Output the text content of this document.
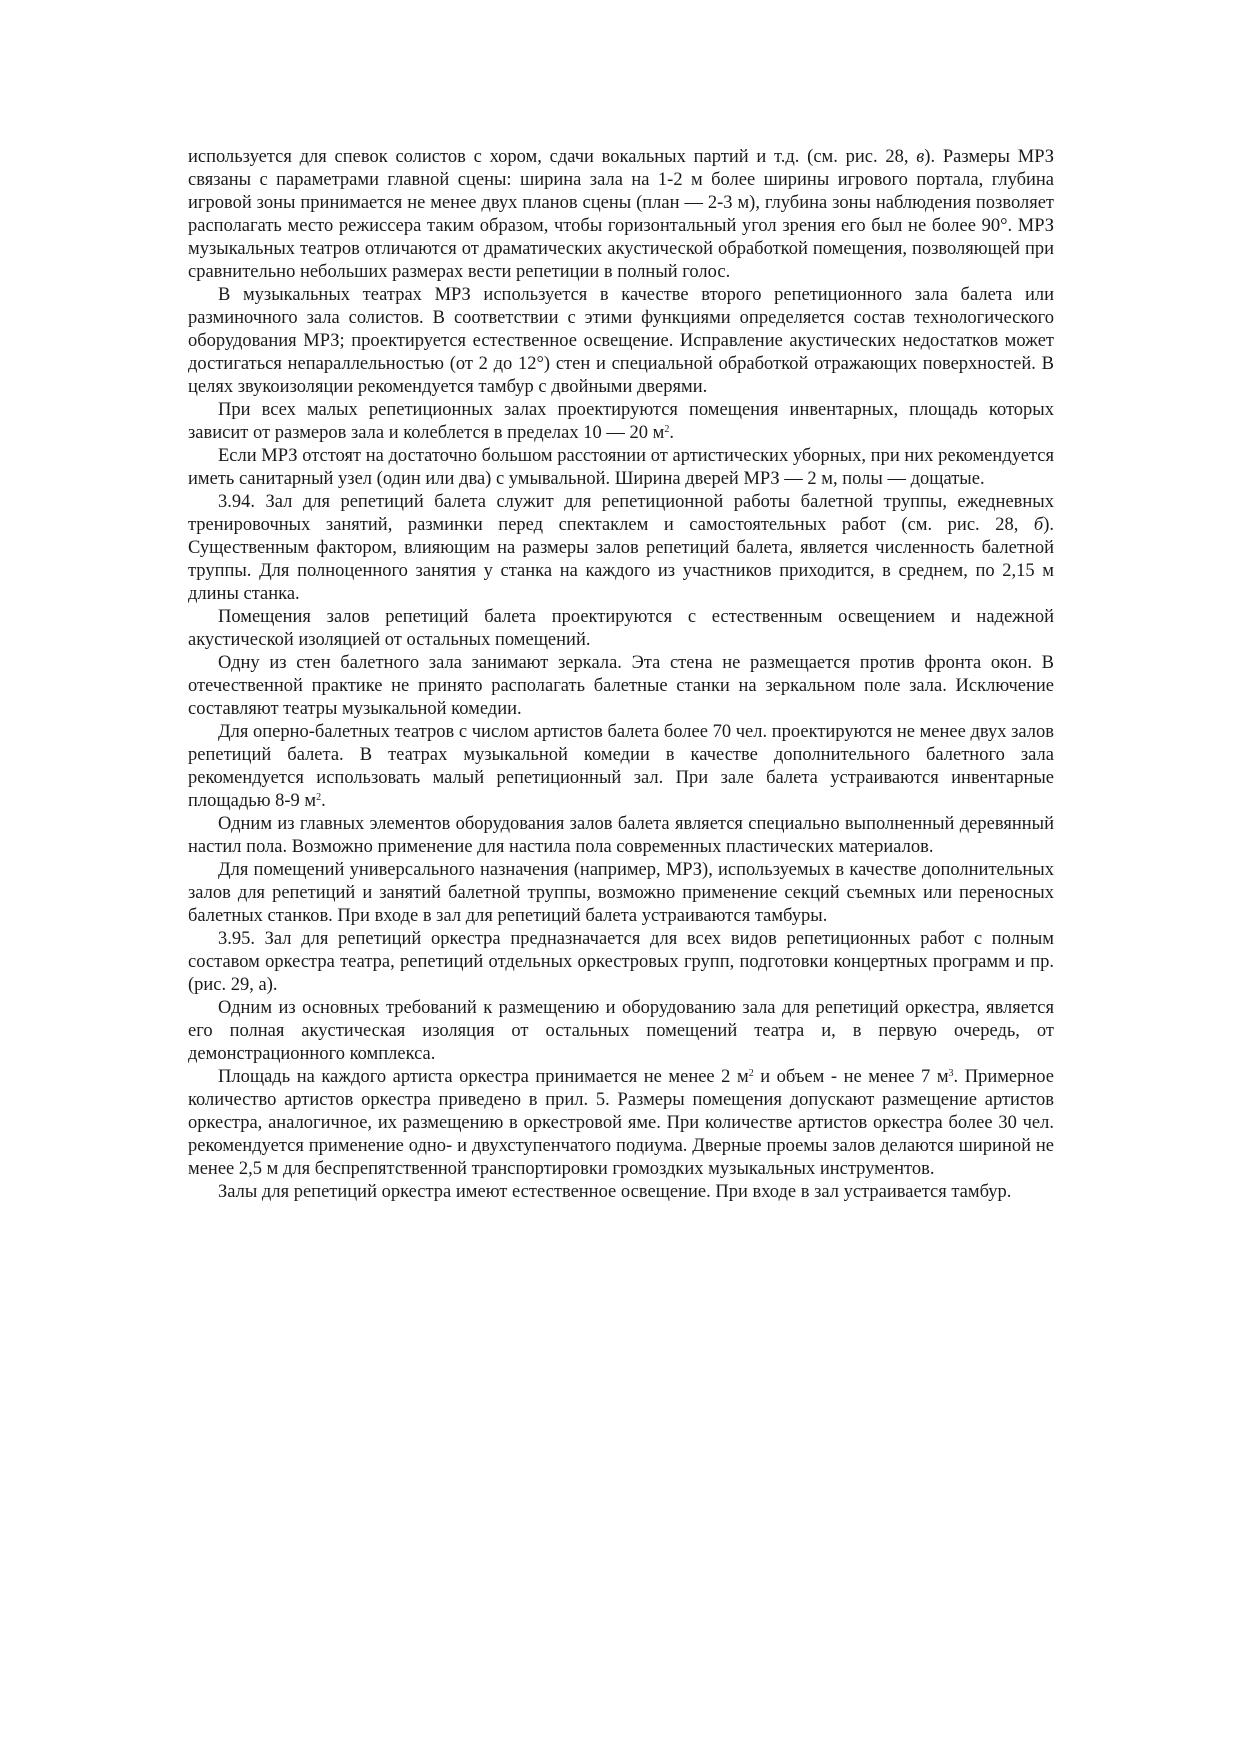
используется для спевок солистов с хором, сдачи вокальных партий и т.д. (см. рис. 28, в). Размеры МРЗ связаны с параметрами главной сцены: ширина зала на 1-2 м более ширины игрового портала, глубина игровой зоны принимается не менее двух планов сцены (план — 2-3 м), глубина зоны наблюдения позволяет располагать место режиссера таким образом, чтобы горизонтальный угол зрения его был не более 90°. МРЗ музыкальных театров отличаются от драматических акустической обработкой помещения, позволяющей при сравнительно небольших размерах вести репетиции в полный голос.

В музыкальных театрах МРЗ используется в качестве второго репетиционного зала балета или разминочного зала солистов. В соответствии с этими функциями определяется состав технологического оборудования МРЗ; проектируется естественное освещение. Исправление акустических недостатков может достигаться непараллельностью (от 2 до 12°) стен и специальной обработкой отражающих поверхностей. В целях звукоизоляции рекомендуется тамбур с двойными дверями.

При всех малых репетиционных залах проектируются помещения инвентарных, площадь которых зависит от размеров зала и колеблется в пределах 10 — 20 $м^2$.

Если МРЗ отстоят на достаточно большом расстоянии от артистических уборных, при них рекомендуется иметь санитарный узел (один или два) с умывальной. Ширина дверей МРЗ — 2 м, полы — дощатые.

3.94. Зал для репетиций балета служит для репетиционной работы балетной труппы, ежедневных тренировочных занятий, разминки перед спектаклем и самостоятельных работ (см. рис. 28, б). Существенным фактором, влияющим на размеры залов репетиций балета, является численность балетной труппы. Для полноценного занятия у станка на каждого из участников приходится, в среднем, по 2,15 м длины станка.

Помещения залов репетиций балета проектируются с естественным освещением и надежной акустической изоляцией от остальных помещений.

Одну из стен балетного зала занимают зеркала. Эта стена не размещается против фронта окон. В отечественной практике не принято располагать балетные станки на зеркальном поле зала. Исключение составляют театры музыкальной комедии.

Для оперно-балетных театров с числом артистов балета более 70 чел. проектируются не менее двух залов репетиций балета. В театрах музыкальной комедии в качестве дополнительного балетного зала рекомендуется использовать малый репетиционный зал. При зале балета устраиваются инвентарные площадью 8-9 $м^2$.

Одним из главных элементов оборудования залов балета является специально выполненный деревянный настил пола. Возможно применение для настила пола современных пластических материалов.

Для помещений универсального назначения (например, МРЗ), используемых в качестве дополнительных залов для репетиций и занятий балетной труппы, возможно применение секций съемных или переносных балетных станков. При входе в зал для репетиций балета устраиваются тамбуры.

3.95. Зал для репетиций оркестра предназначается для всех видов репетиционных работ с полным составом оркестра театра, репетиций отдельных оркестровых групп, подготовки концертных программ и пр. (рис. 29, а).

Одним из основных требований к размещению и оборудованию зала для репетиций оркестра, является его полная акустическая изоляция от остальных помещений театра и, в первую очередь, от демонстрационного комплекса.

Площадь на каждого артиста оркестра принимается не менее 2 $м^2$ и объем - не менее 7 $м^3$. Примерное количество артистов оркестра приведено в прил. 5. Размеры помещения допускают размещение артистов оркестра, аналогичное, их размещению в оркестровой яме. При количестве артистов оркестра более 30 чел. рекомендуется применение одно- и двухступенчатого подиума. Дверные проемы залов делаются шириной не менее 2,5 м для беспрепятственной транспортировки громоздких музыкальных инструментов.

Залы для репетиций оркестра имеют естественное освещение. При входе в зал устраивается тамбур.
